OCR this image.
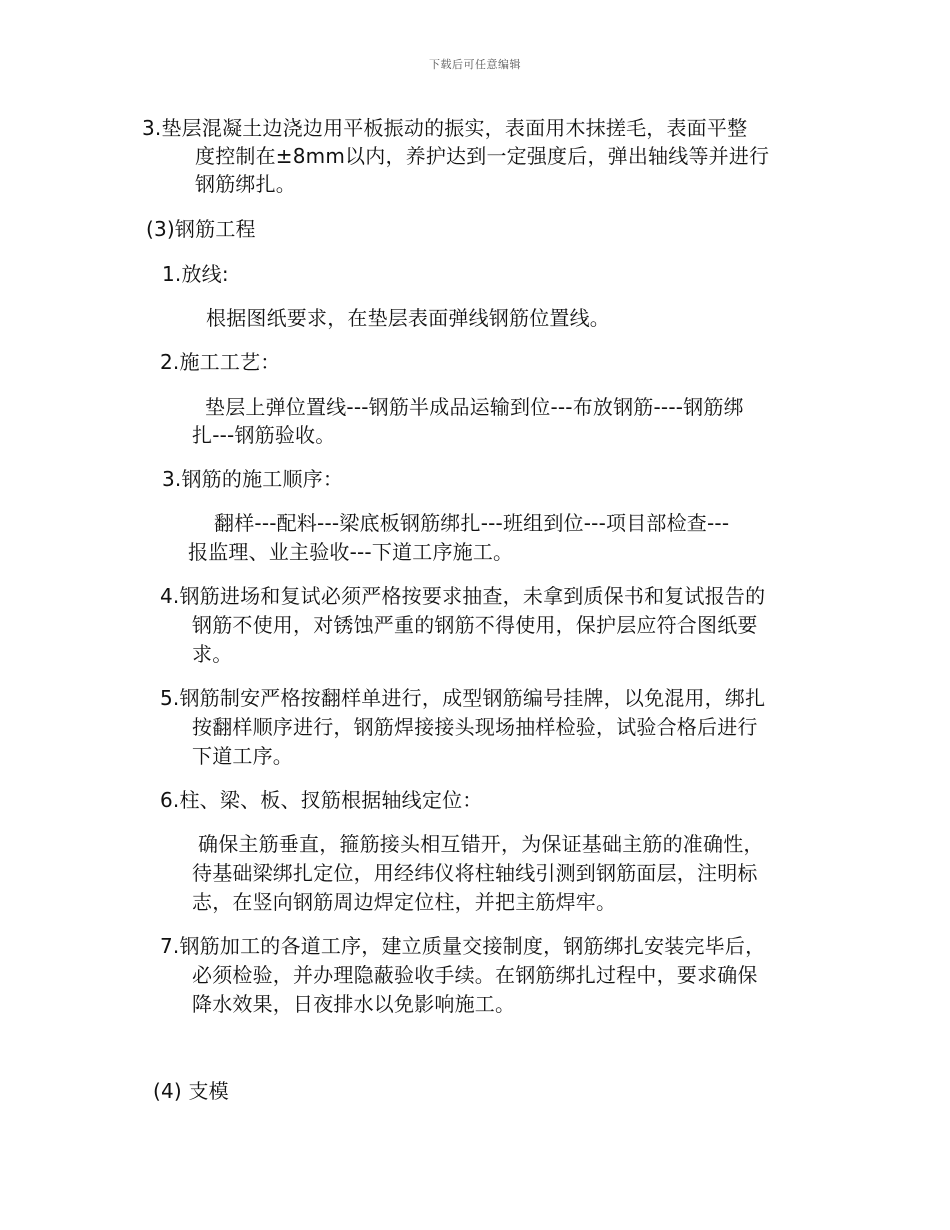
下载后可任意编辑
3.垫层混凝土边浇边用平板振动的振实，表面用木抹搓毛，表面平整
度控制在±8mm以内，养护达到一定强度后，弹出轴线等并进行
钢筋绑扎。
(3)钢筋工程
1.放线:
根据图纸要求，在垫层表面弹线钢筋位置线。
2.施工工艺：
垫层上弹位置线---钢筋半成品运输到位---布放钢筋----钢筋绑
扎---钢筋验收。
3.钢筋的施工顺序：
翻样---配料---梁底板钢筋绑扎---班组到位---项目部检查---
报监理、业主验收---下道工序施工。
4.钢筋进场和复试必须严格按要求抽查，未拿到质保书和复试报告的
钢筋不使用，对锈蚀严重的钢筋不得使用，保护层应符合图纸要
求。
5.钢筋制安严格按翻样单进行，成型钢筋编号挂牌，以免混用，绑扎
按翻样顺序进行，钢筋焊接接头现场抽样检验，试验合格后进行
下道工序。
6.柱、梁、板、扠筋根据轴线定位：
确保主筋垂直，箍筋接头相互错开，为保证基础主筋的准确性，
待基础梁绑扎定位，用经纬仪将柱轴线引测到钢筋面层，注明标
志，在竖向钢筋周边焊定位柱，并把主筋焊牢。
7.钢筋加工的各道工序，建立质量交接制度，钢筋绑扎安装完毕后，
必须检验，并办理隐蔽验收手续。在钢筋绑扎过程中，要求确保
降水效果，日夜排水以免影响施工。
(4) 支模
